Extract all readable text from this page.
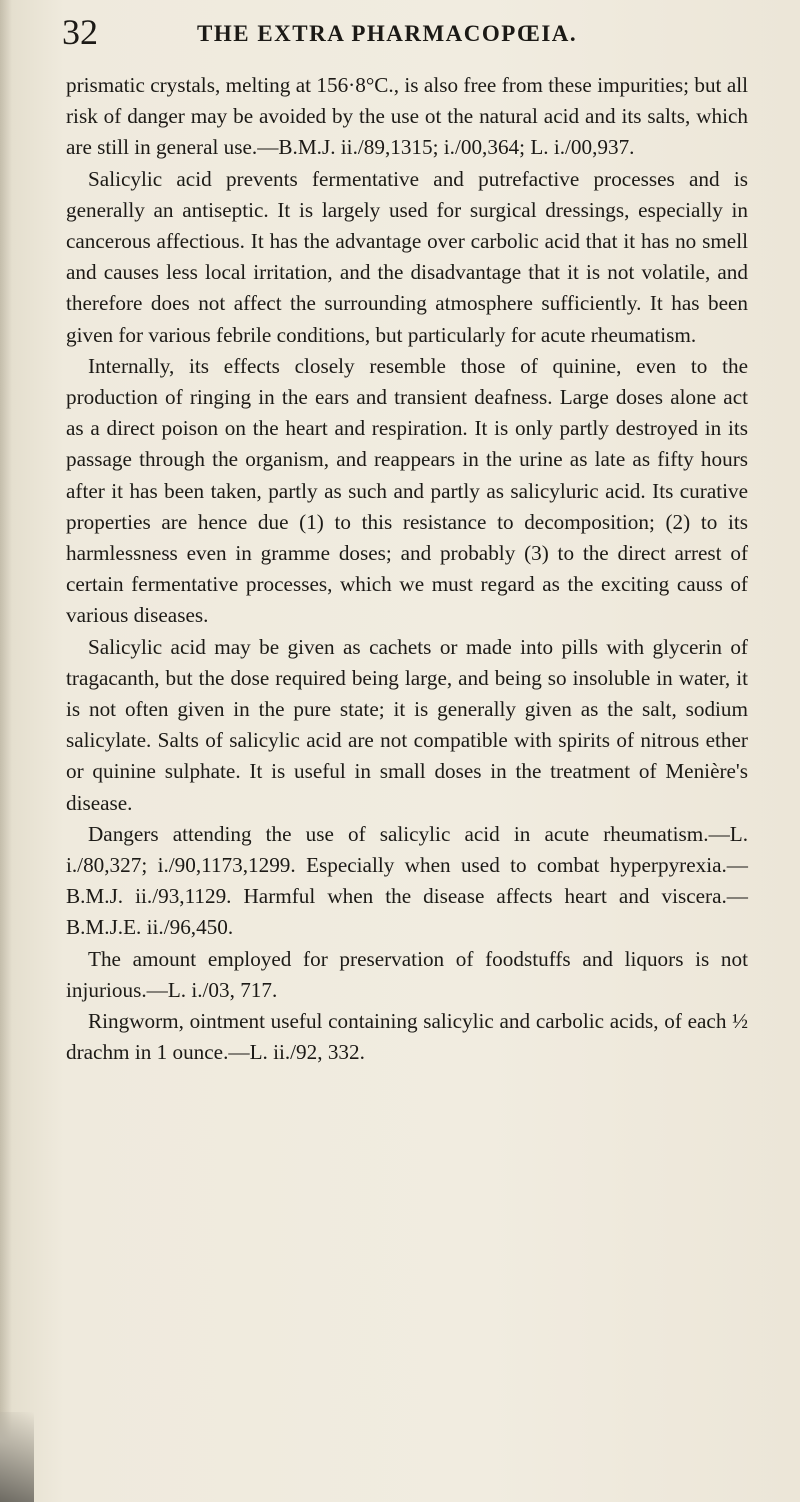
32	THE EXTRA PHARMACOPŒIA.

prismatic crystals, melting at 156·8°C., is also free from these impurities; but all risk of danger may be avoided by the use ot the natural acid and its salts, which are still in general use.—B.M.J. ii./89,1315; i./00,364; L. i./00,937.

Salicylic acid prevents fermentative and putrefactive processes and is generally an antiseptic. It is largely used for surgical dressings, especially in cancerous affectious. It has the advantage over carbolic acid that it has no smell and causes less local irritation, and the disadvantage that it is not volatile, and therefore does not affect the surrounding atmosphere sufficiently. It has been given for various febrile conditions, but particularly for acute rheumatism.

Internally, its effects closely resemble those of quinine, even to the production of ringing in the ears and transient deafness. Large doses alone act as a direct poison on the heart and respiration. It is only partly destroyed in its passage through the organism, and reappears in the urine as late as fifty hours after it has been taken, partly as such and partly as salicyluric acid. Its curative properties are hence due (1) to this resistance to decomposition; (2) to its harmlessness even in gramme doses; and probably (3) to the direct arrest of certain fermentative processes, which we must regard as the exciting causs of various diseases.

Salicylic acid may be given as cachets or made into pills with glycerin of tragacanth, but the dose required being large, and being so insoluble in water, it is not often given in the pure state; it is generally given as the salt, sodium salicylate. Salts of salicylic acid are not compatible with spirits of nitrous ether or quinine sulphate. It is useful in small doses in the treatment of Menière's disease.

Dangers attending the use of salicylic acid in acute rheumatism.—L. i./80,327; i./90,1173,1299. Especially when used to combat hyperpyrexia.—B.M.J. ii./93,1129. Harmful when the disease affects heart and viscera.—B.M.J.E. ii./96,450.

The amount employed for preservation of foodstuffs and liquors is not injurious.—L. i./03, 717.

Ringworm, ointment useful containing salicylic and carbolic acids, of each ½ drachm in 1 ounce.—L. ii./92, 332.
